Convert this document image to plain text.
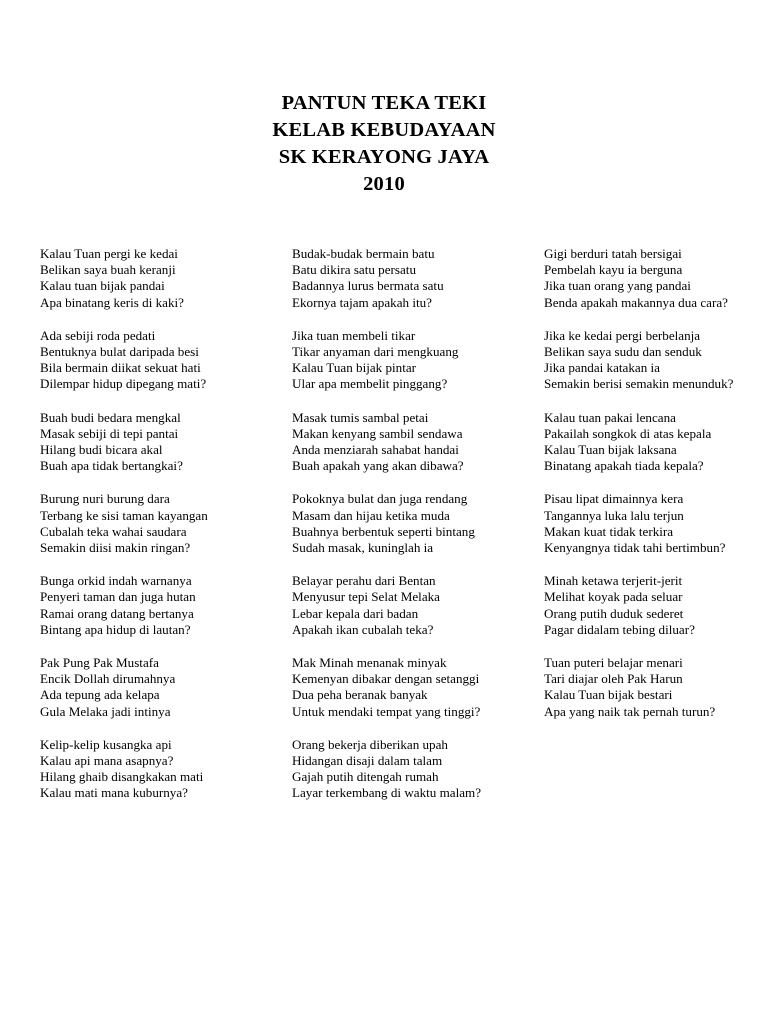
PANTUN TEKA TEKI
KELAB KEBUDAYAAN
SK KERAYONG JAYA
2010
Kalau Tuan pergi ke kedai
Belikan saya buah keranji
Kalau tuan bijak pandai
Apa binatang keris di kaki?
Ada sebiji roda pedati
Bentuknya bulat daripada besi
Bila bermain diikat sekuat hati
Dilempar hidup dipegang mati?
Buah budi bedara mengkal
Masak sebiji di tepi pantai
Hilang budi bicara akal
Buah apa tidak bertangkai?
Burung nuri burung dara
Terbang ke sisi taman kayangan
Cubalah teka wahai saudara
Semakin diisi makin ringan?
Bunga orkid indah warnanya
Penyeri taman dan juga hutan
Ramai orang datang bertanya
Bintang apa hidup di lautan?
Pak Pung Pak Mustafa
Encik Dollah dirumahnya
Ada tepung ada kelapa
Gula Melaka jadi intinya
Kelip-kelip kusangka api
Kalau api mana asapnya?
Hilang ghaib disangkakan mati
Kalau mati mana kuburnya?
Budak-budak bermain batu
Batu dikira satu persatu
Badannya lurus bermata satu
Ekornya tajam apakah itu?
Jika tuan membeli tikar
Tikar anyaman dari mengkuang
Kalau Tuan bijak pintar
Ular apa membelit pinggang?
Masak tumis sambal petai
Makan kenyang sambil sendawa
Anda menziarah sahabat handai
Buah apakah yang akan dibawa?
Pokoknya bulat dan juga rendang
Masam dan hijau ketika muda
Buahnya berbentuk seperti bintang
Sudah masak, kuninglah ia
Belayar perahu dari Bentan
Menyusur tepi Selat Melaka
Lebar kepala dari badan
Apakah ikan cubalah teka?
Mak Minah menanak minyak
Kemenyan dibakar dengan setanggi
Dua peha beranak banyak
Untuk mendaki tempat yang tinggi?
Orang bekerja diberikan upah
Hidangan disaji dalam talam
Gajah putih ditengah rumah
Layar terkembang di waktu malam?
Gigi berduri tatah bersigai
Pembelah kayu ia berguna
Jika tuan orang yang pandai
Benda apakah makannya dua cara?
Jika ke kedai pergi berbelanja
Belikan saya sudu dan senduk
Jika pandai katakan ia
Semakin berisi semakin menunduk?
Kalau tuan pakai lencana
Pakailah songkok di atas kepala
Kalau Tuan bijak laksana
Binatang apakah tiada kepala?
Pisau lipat dimainnya kera
Tangannya luka lalu terjun
Makan kuat tidak terkira
Kenyangnya tidak tahi bertimbun?
Minah ketawa terjerit-jerit
Melihat koyak pada seluar
Orang putih duduk sederet
Pagar didalam tebing diluar?
Tuan puteri belajar menari
Tari diajar oleh Pak Harun
Kalau Tuan bijak bestari
Apa yang naik tak pernah turun?
